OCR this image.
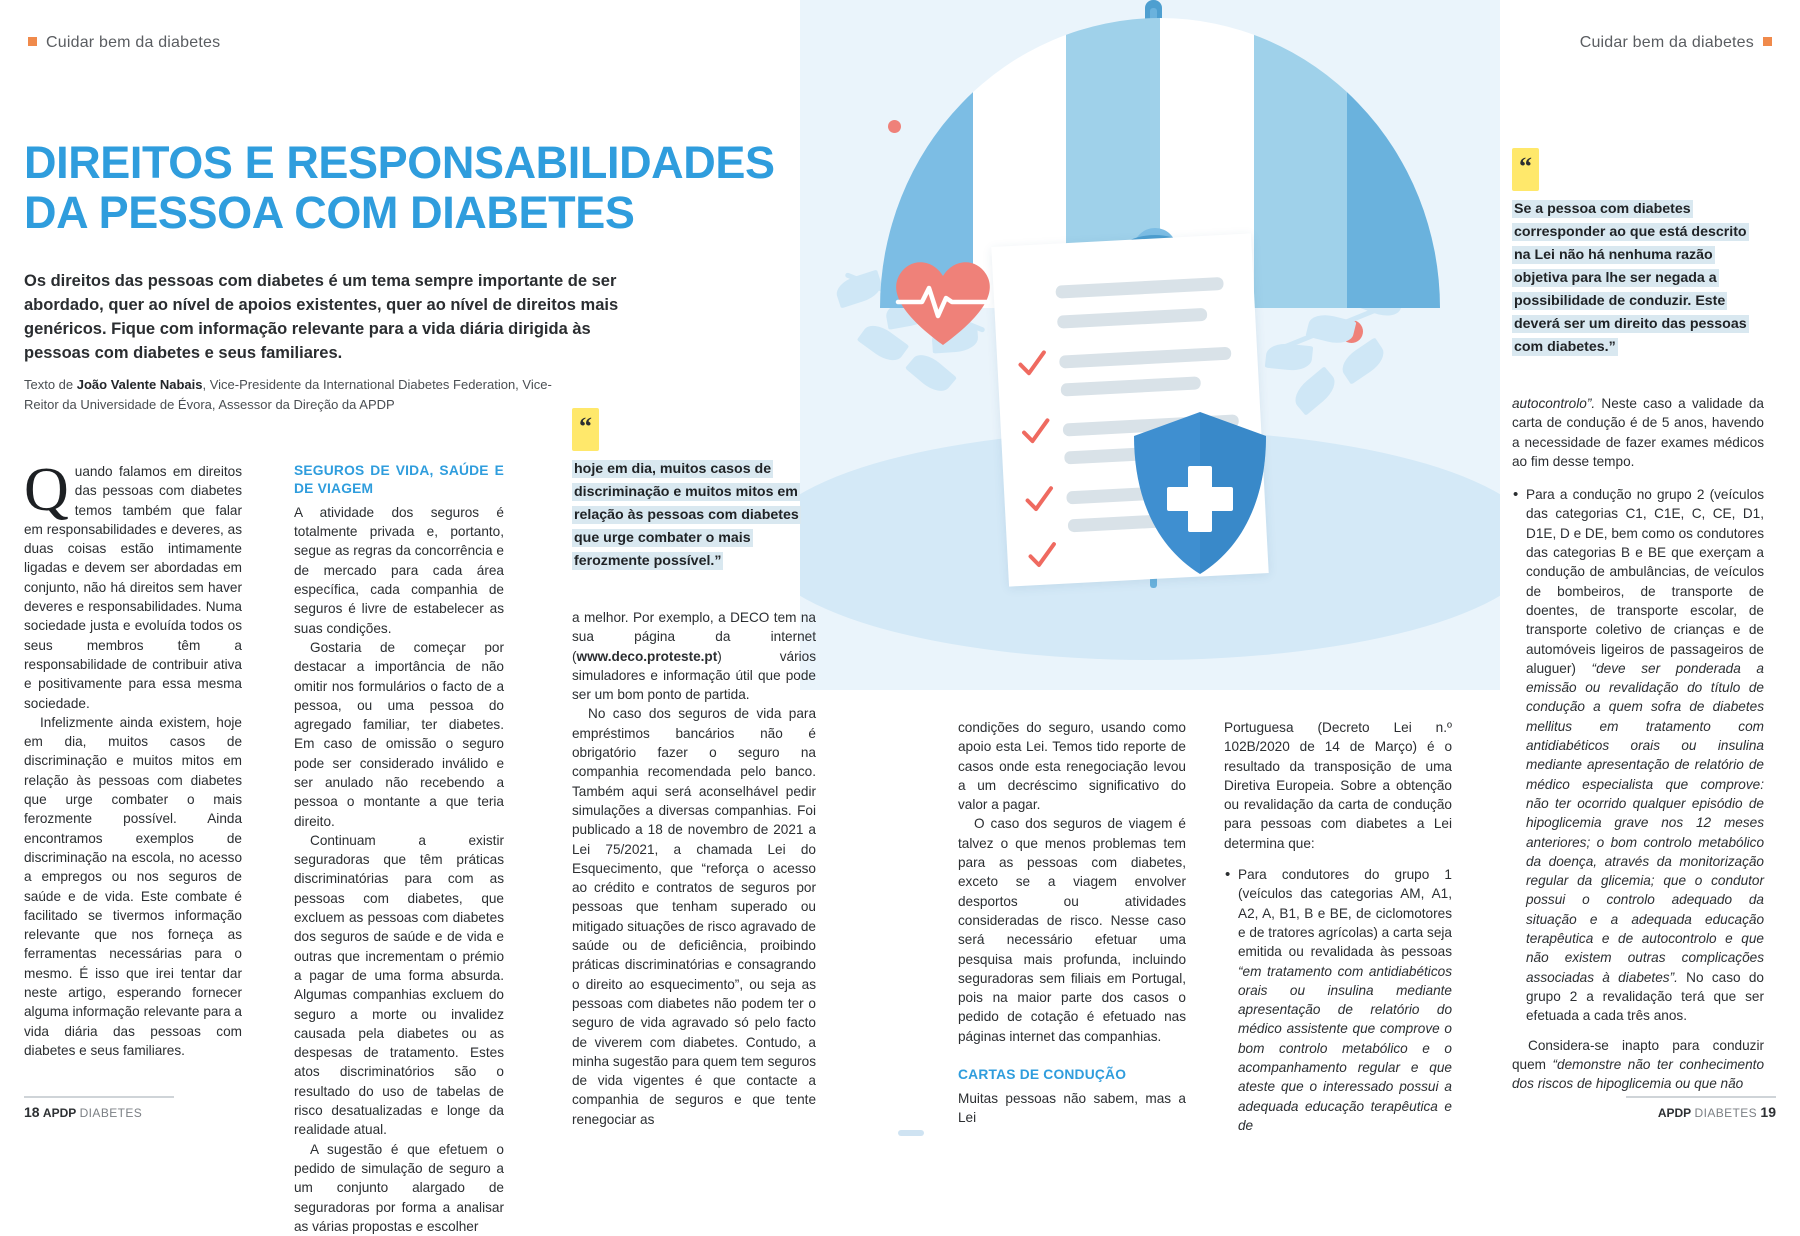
Cuidar bem da diabetes	Cuidar bem da diabetes
DIREITOS E RESPONSABILIDADES DA PESSOA COM DIABETES
Os direitos das pessoas com diabetes é um tema sempre importante de ser abordado, quer ao nível de apoios existentes, quer ao nível de direitos mais genéricos. Fique com informação relevante para a vida diária dirigida às pessoas com diabetes e seus familiares.
Texto de João Valente Nabais, Vice-Presidente da International Diabetes Federation, Vice-Reitor da Universidade de Évora, Assessor da Direção da APDP
Q uando falamos em direitos das pessoas com diabetes temos também que falar em responsabilidades e deveres, as duas coisas estão intimamente ligadas e devem ser abordadas em conjunto, não há direitos sem haver deveres e responsabilidades. Numa sociedade justa e evoluída todos os seus membros têm a responsabilidade de contribuir ativa e positivamente para essa mesma sociedade.

Infelizmente ainda existem, hoje em dia, muitos casos de discriminação e muitos mitos em relação às pessoas com diabetes que urge combater o mais ferozmente possível. Ainda encontramos exemplos de discriminação na escola, no acesso a empregos ou nos seguros de saúde e de vida. Este combate é facilitado se tivermos informação relevante que nos forneça as ferramentas necessárias para o mesmo. É isso que irei tentar dar neste artigo, esperando fornecer alguma informação relevante para a vida diária das pessoas com diabetes e seus familiares.

SEGUROS DE VIDA, SAÚDE E DE VIAGEM

A atividade dos seguros é totalmente privada e, portanto, segue as regras da concorrência e de mercado para cada área específica, cada companhia de seguros é livre de estabelecer as suas condições.

Gostaria de começar por destacar a importância de não omitir nos formulários o facto de a pessoa, ou uma pessoa do agregado familiar, ter diabetes. Em caso de omissão o seguro pode ser considerado inválido e ser anulado não recebendo a pessoa o montante a que teria direito.

Continuam a existir seguradoras que têm práticas discriminatórias para com as pessoas com diabetes, que excluem as pessoas com diabetes dos seguros de saúde e de vida e outras que incrementam o prémio a pagar de uma forma absurda. Algumas companhias excluem do seguro a morte ou invalidez causada pela diabetes ou as despesas de tratamento. Estes atos discriminatórios são o resultado do uso de tabelas de risco desatualizadas e longe da realidade atual.

A sugestão é que efetuem o pedido de simulação de seguro a um conjunto alargado de seguradoras por forma a analisar as várias propostas e escolher

“
hoje em dia, muitos casos de discriminação e muitos mitos em relação às pessoas com diabetes que urge combater o mais ferozmente possível.”

a melhor. Por exemplo, a DECO tem na sua página da internet (www.deco.proteste.pt) vários simuladores e informação útil que pode ser um bom ponto de partida.

No caso dos seguros de vida para empréstimos bancários não é obrigatório fazer o seguro na companhia recomendada pelo banco. Também aqui será aconselhável pedir simulações a diversas companhias. Foi publicado a 18 de novembro de 2021 a Lei 75/2021, a chamada Lei do Esquecimento, que “reforça o acesso ao crédito e contratos de seguros por pessoas que tenham superado ou mitigado situações de risco agravado de saúde ou de deficiência, proibindo práticas discriminatórias e consagrando o direito ao esquecimento”, ou seja as pessoas com diabetes não podem ter o seguro de vida agravado só pelo facto de viverem com diabetes. Contudo, a minha sugestão para quem tem seguros de vida vigentes é que contacte a companhia de seguros e que tente renegociar as

condições do seguro, usando como apoio esta Lei. Temos tido reporte de casos onde esta renegociação levou a um decréscimo significativo do valor a pagar.

O caso dos seguros de viagem é talvez o que menos problemas tem para as pessoas com diabetes, exceto se a viagem envolver desportos ou atividades consideradas de risco. Nesse caso será necessário efetuar uma pesquisa mais profunda, incluindo seguradoras sem filiais em Portugal, pois na maior parte dos casos o pedido de cotação é efetuado nas páginas internet das companhias.

CARTAS DE CONDUÇÃO

Muitas pessoas não sabem, mas a Lei

Portuguesa (Decreto Lei n.º 102B/2020 de 14 de Março) é o resultado da transposição de uma Diretiva Europeia. Sobre a obtenção ou revalidação da carta de condução para pessoas com diabetes a Lei determina que:

• Para condutores do grupo 1 (veículos das categorias AM, A1, A2, A, B1, B e BE, de ciclomotores e de tratores agrícolas) a carta seja emitida ou revalidada às pessoas “em tratamento com antidiabéticos orais ou insulina mediante apresentação de relatório do médico assistente que comprove o bom controlo metabólico e o acompanhamento regular e que ateste que o interessado possui a adequada educação terapêutica e de
“
Se a pessoa com diabetes corresponder ao que está descrito na Lei não há nenhuma razão objetiva para lhe ser negada a possibilidade de conduzir. Este deverá ser um direito das pessoas com diabetes.”

autocontrolo”. Neste caso a validade da carta de condução é de 5 anos, havendo a necessidade de fazer exames médicos ao fim desse tempo.

• Para a condução no grupo 2 (veículos das categorias C1, C1E, C, CE, D1, D1E, D e DE, bem como os condutores das categorias B e BE que exerçam a condução de ambulâncias, de veículos de bombeiros, de transporte de doentes, de transporte escolar, de transporte coletivo de crianças e de automóveis ligeiros de passageiros de aluguer) “deve ser ponderada a emissão ou revalidação do título de condução a quem sofra de diabetes mellitus em tratamento com antidiabéticos orais ou insulina mediante apresentação de relatório de médico especialista que comprove: não ter ocorrido qualquer episódio de hipoglicemia grave nos 12 meses anteriores; o bom controlo metabólico da doença, através da monitorização regular da glicemia; que o condutor possui o controlo adequado da situação e a adequada educação terapêutica e de autocontrolo e que não existem outras complicações associadas à diabetes”. No caso do grupo 2 a revalidação terá que ser efetuada a cada três anos.

Considera-se inapto para conduzir quem “demonstre não ter conhecimento dos riscos de hipoglicemia ou que não

18 APDP DIABETES	APDP DIABETES 19
